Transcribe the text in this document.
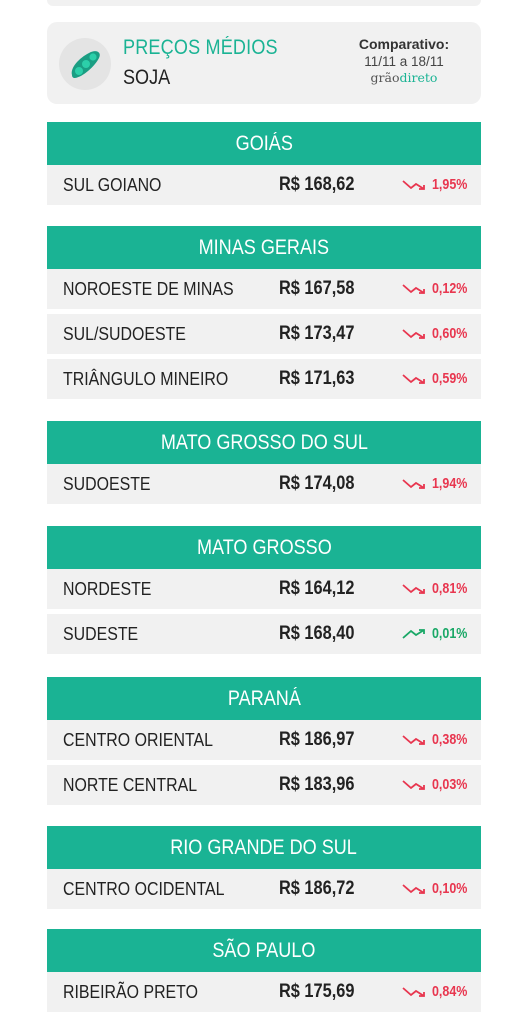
PREÇOS MÉDIOS
SOJA
Comparativo:
11/11 a 18/11
grãodireto
GOIÁS
SUL GOIANO	R$ 168,62	1,95%
MINAS GERAIS
NOROESTE DE MINAS R$ 167,58	0,12%
SUL/SUDOESTE	R$ 173,47	0,60%
TRIÂNGULO MINEIRO	R$ 171,63	0,59%
MATO GROSSO DO SUL
SUDOESTE	R$ 174,08	1,94%
MATO GROSSO
NORDESTE	R$ 164,12	0,81%
SUDESTE	R$ 168,40	0,01%
PARANÁ
CENTRO ORIENTAL	R$ 186,97	0,38%
NORTE CENTRAL	R$ 183,96	0,03%
RIO GRANDE DO SUL
CENTRO OCIDENTAL	R$ 186,72	0,10%
SÃO PAULO
RIBEIRÃO PRETO	R$ 175,69	0,84%
